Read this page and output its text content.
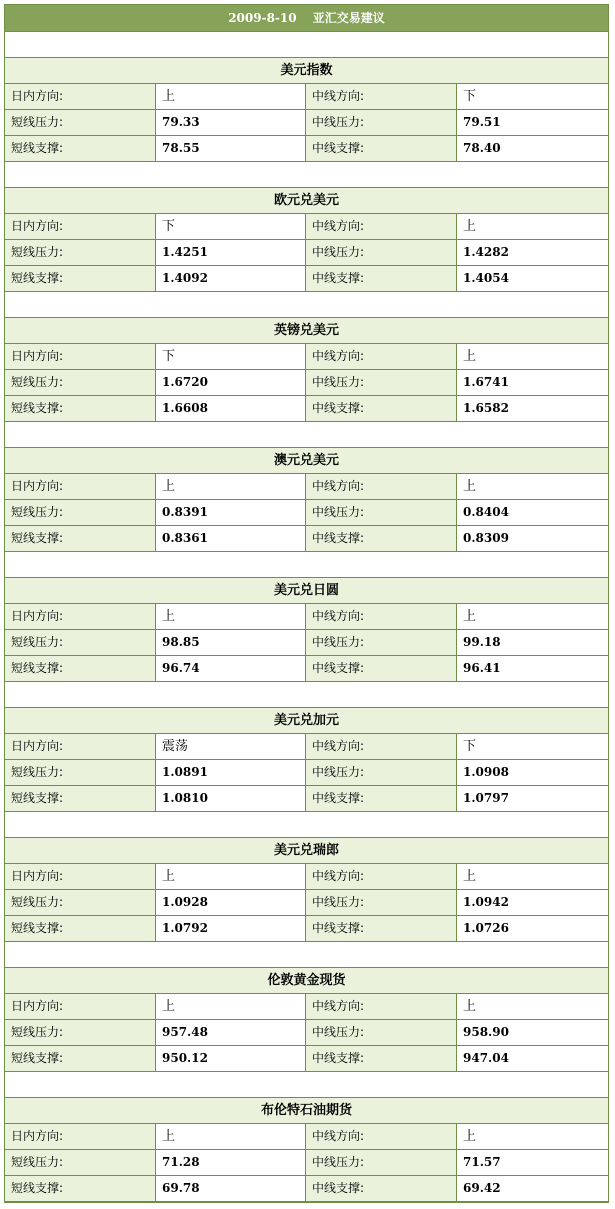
2009-8-10 亚汇交易建议
美元指数
日内方向:	上	中线方向:	下
短线压力:	79.33	中线压力:	79.51
短线支撑:	78.55	中线支撑:	78.40
欧元兑美元
日内方向:	下	中线方向:	上
短线压力:	1.4251	中线压力:	1.4282
短线支撑:	1.4092	中线支撑:	1.4054
英镑兑美元
日内方向:	下	中线方向:	上
短线压力:	1.6720	中线压力:	1.6741
短线支撑:	1.6608	中线支撑:	1.6582
澳元兑美元
日内方向:	上	中线方向:	上
短线压力:	0.8391	中线压力:	0.8404
短线支撑:	0.8361	中线支撑:	0.8309
美元兑日圆
日内方向:	上	中线方向:	上
短线压力:	98.85	中线压力:	99.18
短线支撑:	96.74	中线支撑:	96.41
美元兑加元
日内方向:	震荡	中线方向:	下
短线压力:	1.0891	中线压力:	1.0908
短线支撑:	1.0810	中线支撑:	1.0797
美元兑瑞郎
日内方向:	上	中线方向:	上
短线压力:	1.0928	中线压力:	1.0942
短线支撑:	1.0792	中线支撑:	1.0726
伦敦黄金现货
日内方向:	上	中线方向:	上
短线压力:	957.48	中线压力:	958.90
短线支撑:	950.12	中线支撑:	947.04
布伦特石油期货
日内方向:	上	中线方向:	上
短线压力:	71.28	中线压力:	71.57
短线支撑:	69.78	中线支撑:	69.42
